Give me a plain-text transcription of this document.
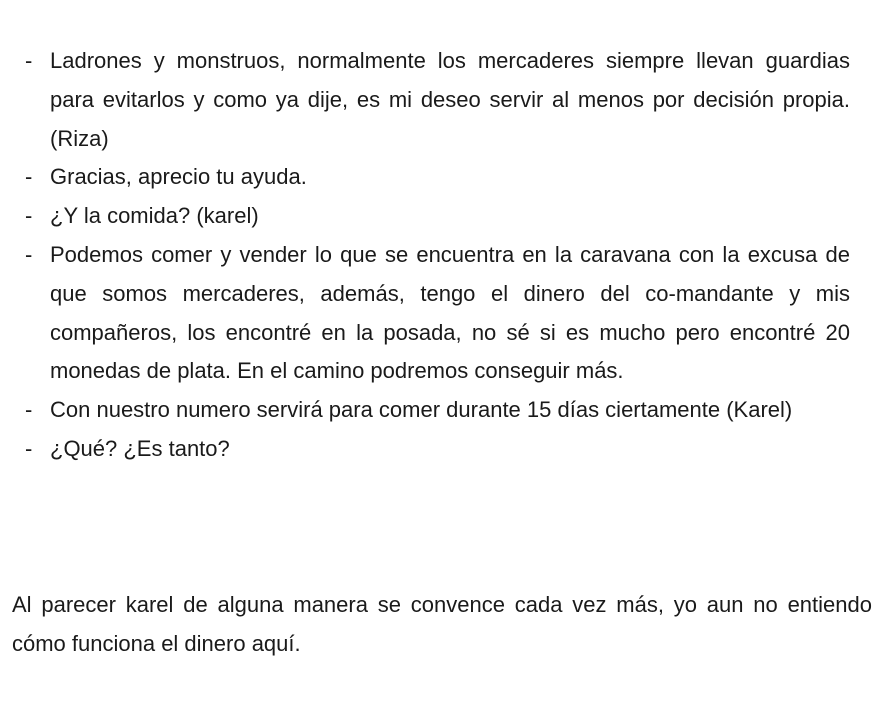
- Ladrones y monstruos, normalmente los mercaderes siempre llevan guardias para evitarlos y como ya dije, es mi deseo servir al menos por decisión propia. (Riza)
- Gracias, aprecio tu ayuda.
- ¿Y la comida? (karel)
- Podemos comer y vender lo que se encuentra en la caravana con la excusa de que somos mercaderes, además, tengo el dinero del co-mandante y mis compañeros, los encontré en la posada, no sé si es mucho pero encontré 20 monedas de plata. En el camino podremos conseguir más.
- Con nuestro numero servirá para comer durante 15 días ciertamente (Karel)
- ¿Qué? ¿Es tanto?

Al parecer karel de alguna manera se convence cada vez más, yo aun no entiendo cómo funciona el dinero aquí.
